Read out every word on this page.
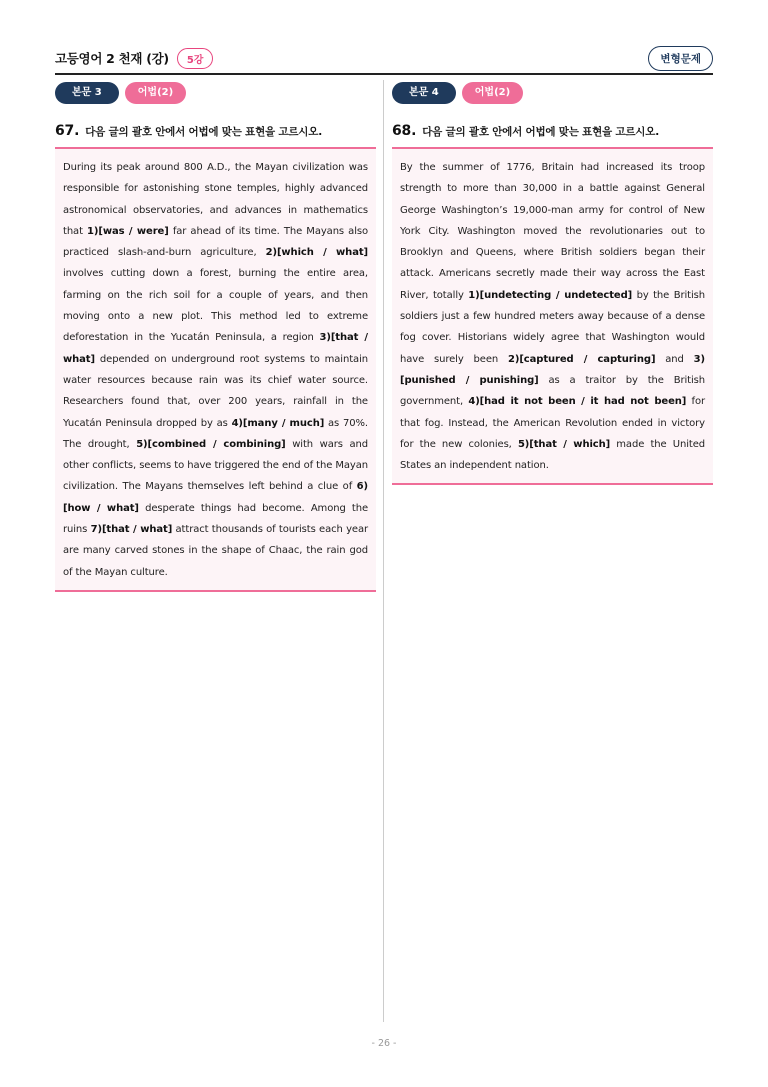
고등영어 2 천재 (강)	5강	변형문제
본문 3	어법(2)
67. 다음 글의 괄호 안에서 어법에 맞는 표현을 고르시오.
During its peak around 800 A.D., the Mayan civilization was responsible for astonishing stone temples, highly advanced astronomical observatories, and advances in mathematics that 1)[was / were] far ahead of its time. The Mayans also practiced slash-and-burn agriculture, 2)[which / what] involves cutting down a forest, burning the entire area, farming on the rich soil for a couple of years, and then moving onto a new plot. This method led to extreme deforestation in the Yucatán Peninsula, a region 3)[that / what] depended on underground root systems to maintain water resources because rain was its chief water source. Researchers found that, over 200 years, rainfall in the Yucatán Peninsula dropped by as 4)[many / much] as 70%. The drought, 5)[combined / combining] with wars and other conflicts, seems to have triggered the end of the Mayan civilization. The Mayans themselves left behind a clue of 6)[how / what] desperate things had become. Among the ruins 7)[that / what] attract thousands of tourists each year are many carved stones in the shape of Chaac, the rain god of the Mayan culture.
본문 4	어법(2)
68. 다음 글의 괄호 안에서 어법에 맞는 표현을 고르시오.
By the summer of 1776, Britain had increased its troop strength to more than 30,000 in a battle against General George Washington’s 19,000-man army for control of New York City. Washington moved the revolutionaries out to Brooklyn and Queens, where British soldiers began their attack. Americans secretly made their way across the East River, totally 1)[undetecting / undetected] by the British soldiers just a few hundred meters away because of a dense fog cover. Historians widely agree that Washington would have surely been 2)[captured / capturing] and 3)[punished / punishing] as a traitor by the British government, 4)[had it not been / it had not been] for that fog. Instead, the American Revolution ended in victory for the new colonies, 5)[that / which] made the United States an independent nation.
- 26 -
